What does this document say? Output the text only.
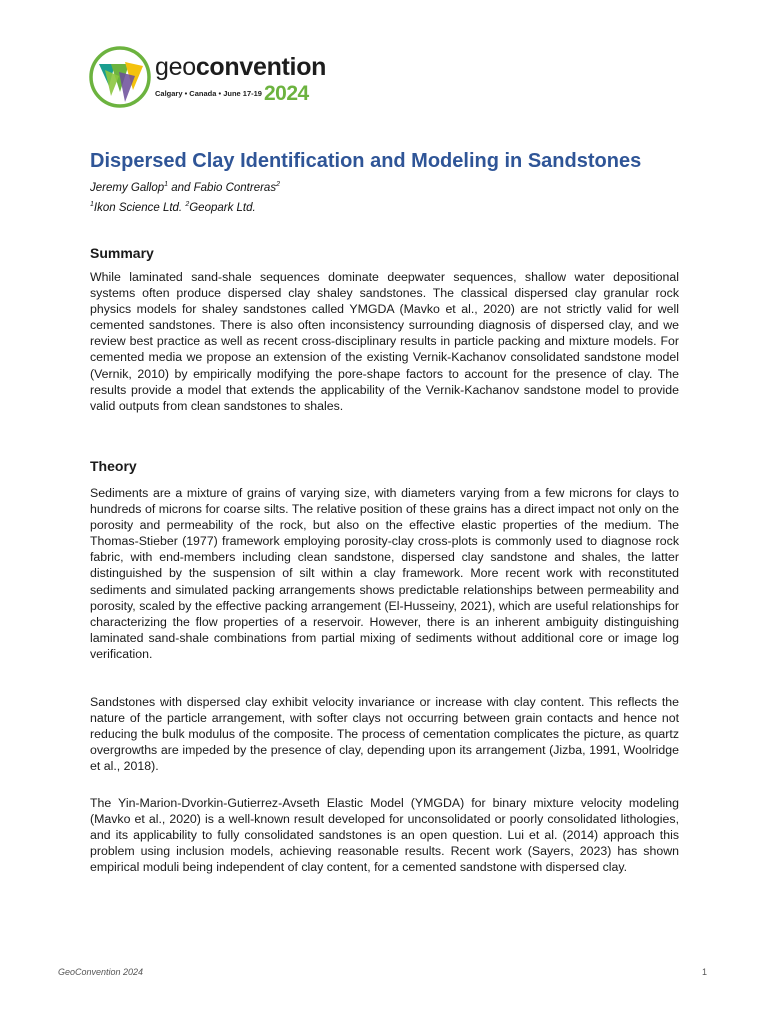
geoconvention
Calgary • Canada • June 17-192024
Dispersed Clay Identification and Modeling in Sandstones
Jeremy Gallop$^1$ and Fabio Contreras$^2$
$^1$Ikon Science Ltd. $^2$Geopark Ltd.
Summary

While laminated sand-shale sequences dominate deepwater sequences, shallow water depositional systems often produce dispersed clay shaley sandstones. The classical dispersed clay granular rock physics models for shaley sandstones called YMGDA (Mavko et al., 2020) are not strictly valid for well cemented sandstones. There is also often inconsistency surrounding diagnosis of dispersed clay, and we review best practice as well as recent cross-disciplinary results in particle packing and mixture models. For cemented media we propose an extension of the existing Vernik-Kachanov consolidated sandstone model (Vernik, 2010) by empirically modifying the pore-shape factors to account for the presence of clay. The results provide a model that extends the applicability of the Vernik-Kachanov sandstone model to provide valid outputs from clean sandstones to shales.

Theory

Sediments are a mixture of grains of varying size, with diameters varying from a few microns for clays to hundreds of microns for coarse silts. The relative position of these grains has a direct impact not only on the porosity and permeability of the rock, but also on the effective elastic properties of the medium. The Thomas-Stieber (1977) framework employing porosity-clay cross-plots is commonly used to diagnose rock fabric, with end-members including clean sandstone, dispersed clay sandstone and shales, the latter distinguished by the suspension of silt within a clay framework. More recent work with reconstituted sediments and simulated packing arrangements shows predictable relationships between permeability and porosity, scaled by the effective packing arrangement (El-Husseiny, 2021), which are useful relationships for characterizing the flow properties of a reservoir. However, there is an inherent ambiguity distinguishing laminated sand-shale combinations from partial mixing of sediments without additional core or image log verification.

Sandstones with dispersed clay exhibit velocity invariance or increase with clay content. This reflects the nature of the particle arrangement, with softer clays not occurring between grain contacts and hence not reducing the bulk modulus of the composite. The process of cementation complicates the picture, as quartz overgrowths are impeded by the presence of clay, depending upon its arrangement (Jizba, 1991, Woolridge et al., 2018).

The Yin-Marion-Dvorkin-Gutierrez-Avseth Elastic Model (YMGDA) for binary mixture velocity modeling (Mavko et al., 2020) is a well-known result developed for unconsolidated or poorly consolidated lithologies, and its applicability to fully consolidated sandstones is an open question. Lui et al. (2014) approach this problem using inclusion models, achieving reasonable results. Recent work (Sayers, 2023) has shown empirical moduli being independent of clay content, for a cemented sandstone with dispersed clay.

GeoConvention 2024	1
